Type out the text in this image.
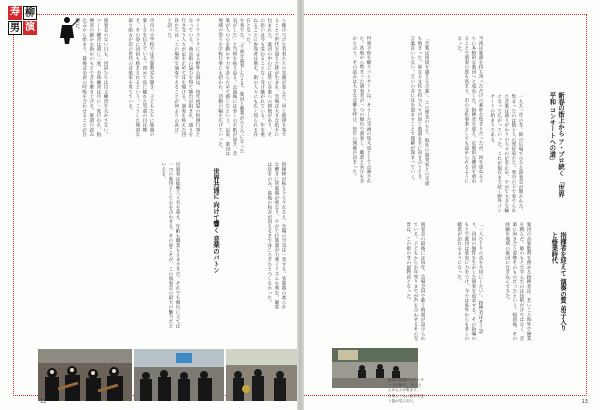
寿 柳
男 演	ら駆けつけた若者たちの笑顔が並んだ。同じ旋律を奏でることで世代を超えた絆が生まれ、会場は大きな拍手に包まれた。楽団の中心には常に音楽への情熱があり、その思いは今も変わることなく受け継がれている。年を重ねるごとに参加者は増え、街の人々にも広く知られる存在となった。
を奏でた。「千両を演奏したとき、楽員と聴衆がひとつになった気がした」と当時を振り返る。公演後には多くの手紙が届き、音楽が人の心を動かす力をあらためて感じたという。以来、楽団は地域の祭りや学校行事にも招かれ、活動の幅を広げていった。
オーケストラによる野外公演は、毎年初夏の恒例行事となっている。商店街の協力を得て舞台が組まれ、通りを行き交う人々が足を止めて耳を傾ける。演奏を終えた団員たちは「この場所で演奏できることが何よりの喜び」と語った。
市内の小学校では音楽教室を開き、子どもたちに楽器の楽しさを伝えている。初めて弦に触れた児童の目は輝き、その姿に団員も励まされるという。こうした地道な取り組みが次の世代の音楽家を育てている。
演奏会のない日も、団員たちは自主練習を欠かさない。パート練習は週に二度、全体練習は月に一度行われ、指揮者の細かな指示のもとで音を磨き上げる。楽譜の読み込みから始まり、最後は全員の呼吸を合わせることが目標だ。
指揮棒が振り下ろされると、会場の空気は一変する。弦楽器の柔らかな響きに管楽器が重なり、やがて打楽器が力強くリズムを刻む。観客は息をのみ、最後の和音が消えるまで身じろぎひとつしなかった。
世界共通に 向けて響く 音楽のバトン
出演者は総勢八十名を超え、年齢も職業もさまざまだ。それでも舞台に立てば一つの楽団として心を合わせる。その姿こそが、この演奏会の最大の魅力だといえる。
12
新春の街上から ア・プロ続く 「世界平和 コンサートへの道」
一九九二年の冬、街の広場で小さな演奏会が開かれた。集まったのは数十人の愛好家たち。寒空の下で奏でられた音楽は通りがかりの人々の足を止め、やがて大きな輪となって広がっていった。これが現在まで続く野外コンサートの始まりである。
当初は楽器を持ち寄っただけの素朴な集まりだったが、回を重ねるうちに本格的な楽団へと成長した。指揮者を迎え、定期的な練習を重ねることで演奏の質も高まり、市の文化事業としても認められるようになった。
「音楽は国境を越える言葉」。この理念のもと、海外の演奏家との交流も始まった。異なる文化を持つ人々が同じ楽譜を手に向き合うとき、言葉はいらない。互いの音に耳を澄ますことで理解が深まっていく。
世界平和を願うコンサートは、そうした交流の集大成として企画された。各地から集まった演奏者が一つの舞台で演奏し、聴衆と喜びを分かち合う。その試みは大きな反響を呼び、毎年の開催が決まった。
指揮者を迎えて 演奏の質 弟子入りと修業時代
楽団の音楽監督を務める指揮者は、若いころ海外で修業を積んだ。師のもとで学んだのは技術だけではなく、音楽に向き合う姿勢そのものだったという。帰国後、その経験を地域の楽団に注ぎ込んできた。
「一人ひとりの音を大切にしたい」。指揮者はそう語り、団員の個性を生かした演奏を追求する。その指導のもとで楽団は着実に力をつけ、今では県外からも多くの聴衆が訪れるようになった。
演奏会の最後には毎年、会場全員で歌う時間が設けられている。子どもからお年寄りまでが声を合わせるその光景は、この街の冬の風物詩となった。
新春の街頭でのコンサートの様子。 たくさんの人々が集まり、 音楽とともに新年を祝う姿が見られた。	13
